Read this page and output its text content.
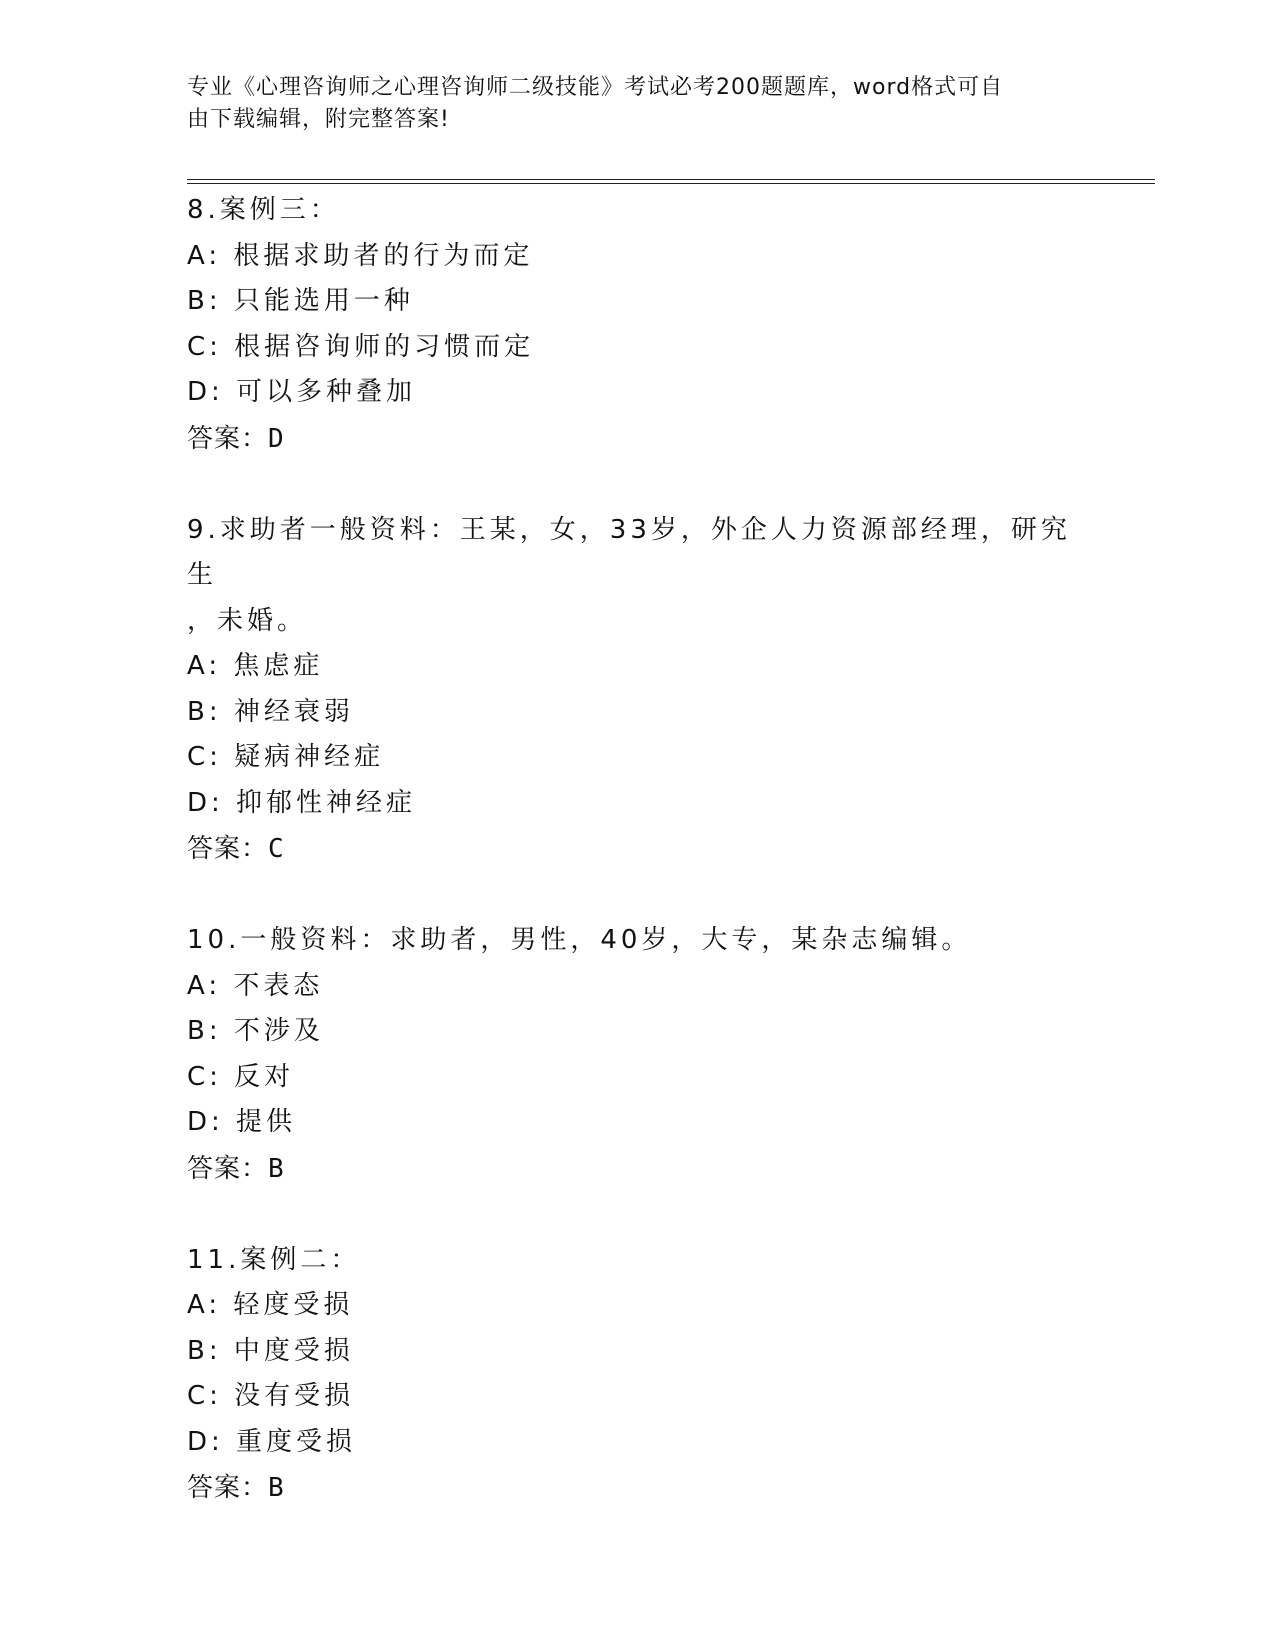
专业《心理咨询师之心理咨询师二级技能》考试必考200题题库，word格式可自
由下载编辑，附完整答案!
8.案例三：
A: 根据求助者的行为而定
B: 只能选用一种
C: 根据咨询师的习惯而定
D: 可以多种叠加
答案：D
9.求助者一般资料：王某，女，33岁，外企人力资源部经理，研究生
，未婚。
A: 焦虑症
B: 神经衰弱
C: 疑病神经症
D: 抑郁性神经症
答案：C
10.一般资料：求助者，男性，40岁，大专，某杂志编辑。
A: 不表态
B: 不涉及
C: 反对
D: 提供
答案：B
11.案例二：
A: 轻度受损
B: 中度受损
C: 没有受损
D: 重度受损
答案：B
